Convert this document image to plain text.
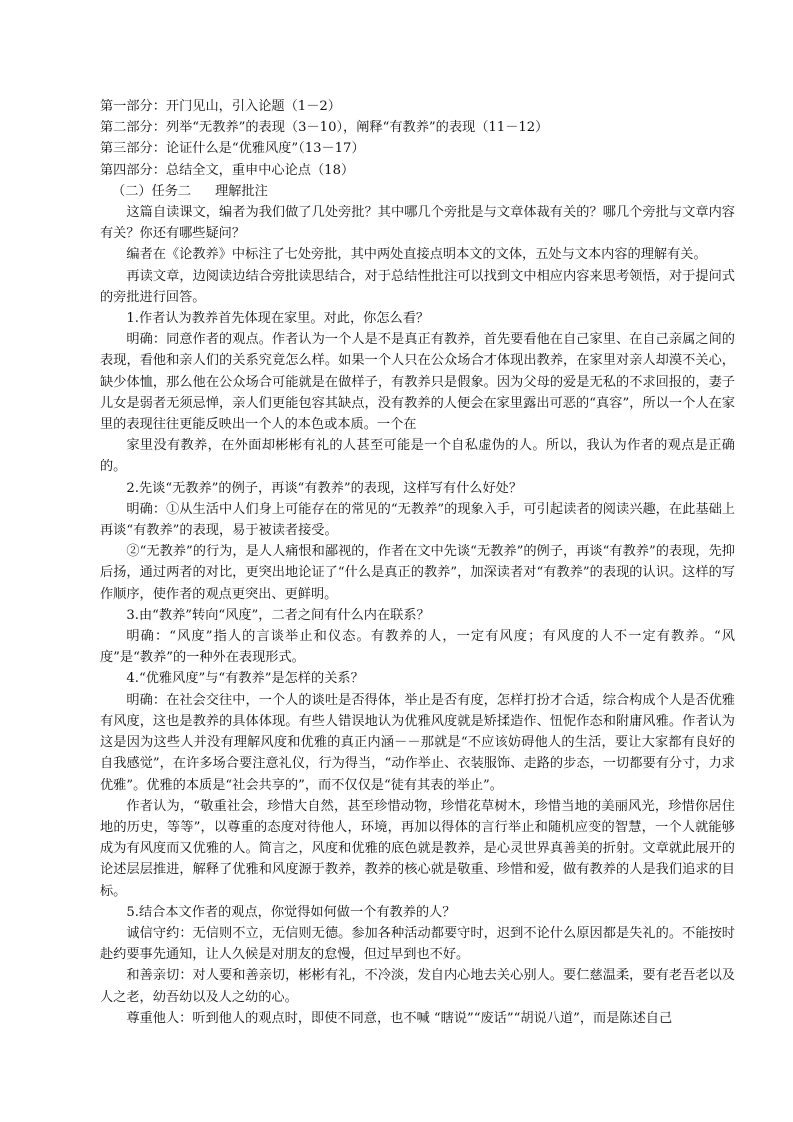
第一部分：开门见山，引入论题（1－2）

第二部分：列举“无教养”的表现（3－10），阐释“有教养”的表现（11－12）

第三部分：论证什么是“优雅风度”（13－17）

第四部分：总结全文，重申中心论点（18）

（二）任务二 理解批注

这篇自读课文，编者为我们做了几处旁批？其中哪几个旁批是与文章体裁有关的？哪几个旁批与文章内容有关？你还有哪些疑问？

编者在《论教养》中标注了七处旁批，其中两处直接点明本文的文体，五处与文本内容的理解有关。

再读文章，边阅读边结合旁批读思结合，对于总结性批注可以找到文中相应内容来思考领悟，对于提问式的旁批进行回答。

1.作者认为教养首先体现在家里。对此，你怎么看？

明确：同意作者的观点。作者认为一个人是不是真正有教养，首先要看他在自己家里、在自己亲属之间的表现，看他和亲人们的关系究竟怎么样。如果一个人只在公众场合才体现出教养，在家里对亲人却漠不关心，缺少体恤，那么他在公众场合可能就是在做样子，有教养只是假象。因为父母的爱是无私的不求回报的，妻子儿女是弱者无须忌惮，亲人们更能包容其缺点，没有教养的人便会在家里露出可恶的“真容”，所以一个人在家里的表现往往更能反映出一个人的本色或本质。一个在

家里没有教养，在外面却彬彬有礼的人甚至可能是一个自私虚伪的人。所以，我认为作者的观点是正确的。

2.先谈“无教养”的例子，再谈“有教养”的表现，这样写有什么好处？

明确：①从生活中人们身上可能存在的常见的“无教养”的现象入手，可引起读者的阅读兴趣，在此基础上再谈“有教养”的表现，易于被读者接受。

②“无教养”的行为，是人人痛恨和鄙视的，作者在文中先谈“无教养”的例子，再谈“有教养”的表现，先抑后扬，通过两者的对比，更突出地论证了“什么是真正的教养”，加深读者对“有教养”的表现的认识。这样的写作顺序，使作者的观点更突出、更鲜明。

3.由“教养”转向“风度”，二者之间有什么内在联系？

明确：“风度”指人的言谈举止和仪态。有教养的人，一定有风度；有风度的人不一定有教养。“风度”是“教养”的一种外在表现形式。

4.“优雅风度”与“有教养”是怎样的关系？

明确：在社会交往中，一个人的谈吐是否得体，举止是否有度，怎样打扮才合适，综合构成个人是否优雅有风度，这也是教养的具体体现。有些人错误地认为优雅风度就是矫揉造作、忸怩作态和附庸风雅。作者认为这是因为这些人并没有理解风度和优雅的真正内涵－－那就是“不应该妨碍他人的生活，要让大家都有良好的自我感觉”，在许多场合要注意礼仪，行为得当，“动作举止、衣装服饰、走路的步态，一切都要有分寸，力求优雅”。优雅的本质是“社会共享的”，而不仅仅是“徒有其表的举止”。

作者认为，“敬重社会，珍惜大自然，甚至珍惜动物，珍惜花草树木，珍惜当地的美丽风光，珍惜你居住地的历史，等等”，以尊重的态度对待他人，环境，再加以得体的言行举止和随机应变的智慧，一个人就能够成为有风度而又优雅的人。简言之，风度和优雅的底色就是教养，是心灵世界真善美的折射。文章就此展开的论述层层推进，解释了优雅和风度源于教养，教养的核心就是敬重、珍惜和爱，做有教养的人是我们追求的目标。

5.结合本文作者的观点，你觉得如何做一个有教养的人？

诚信守约：无信则不立，无信则无德。参加各种活动都要守时，迟到不论什么原因都是失礼的。不能按时赴约要事先通知，让人久候是对朋友的怠慢，但过早到也不好。

和善亲切：对人要和善亲切，彬彬有礼，不冷淡，发自内心地去关心别人。要仁慈温柔，要有老吾老以及人之老，幼吾幼以及人之幼的心。

尊重他人：听到他人的观点时，即使不同意，也不喊 “瞎说”“废话”“胡说八道”，而是陈述自己
